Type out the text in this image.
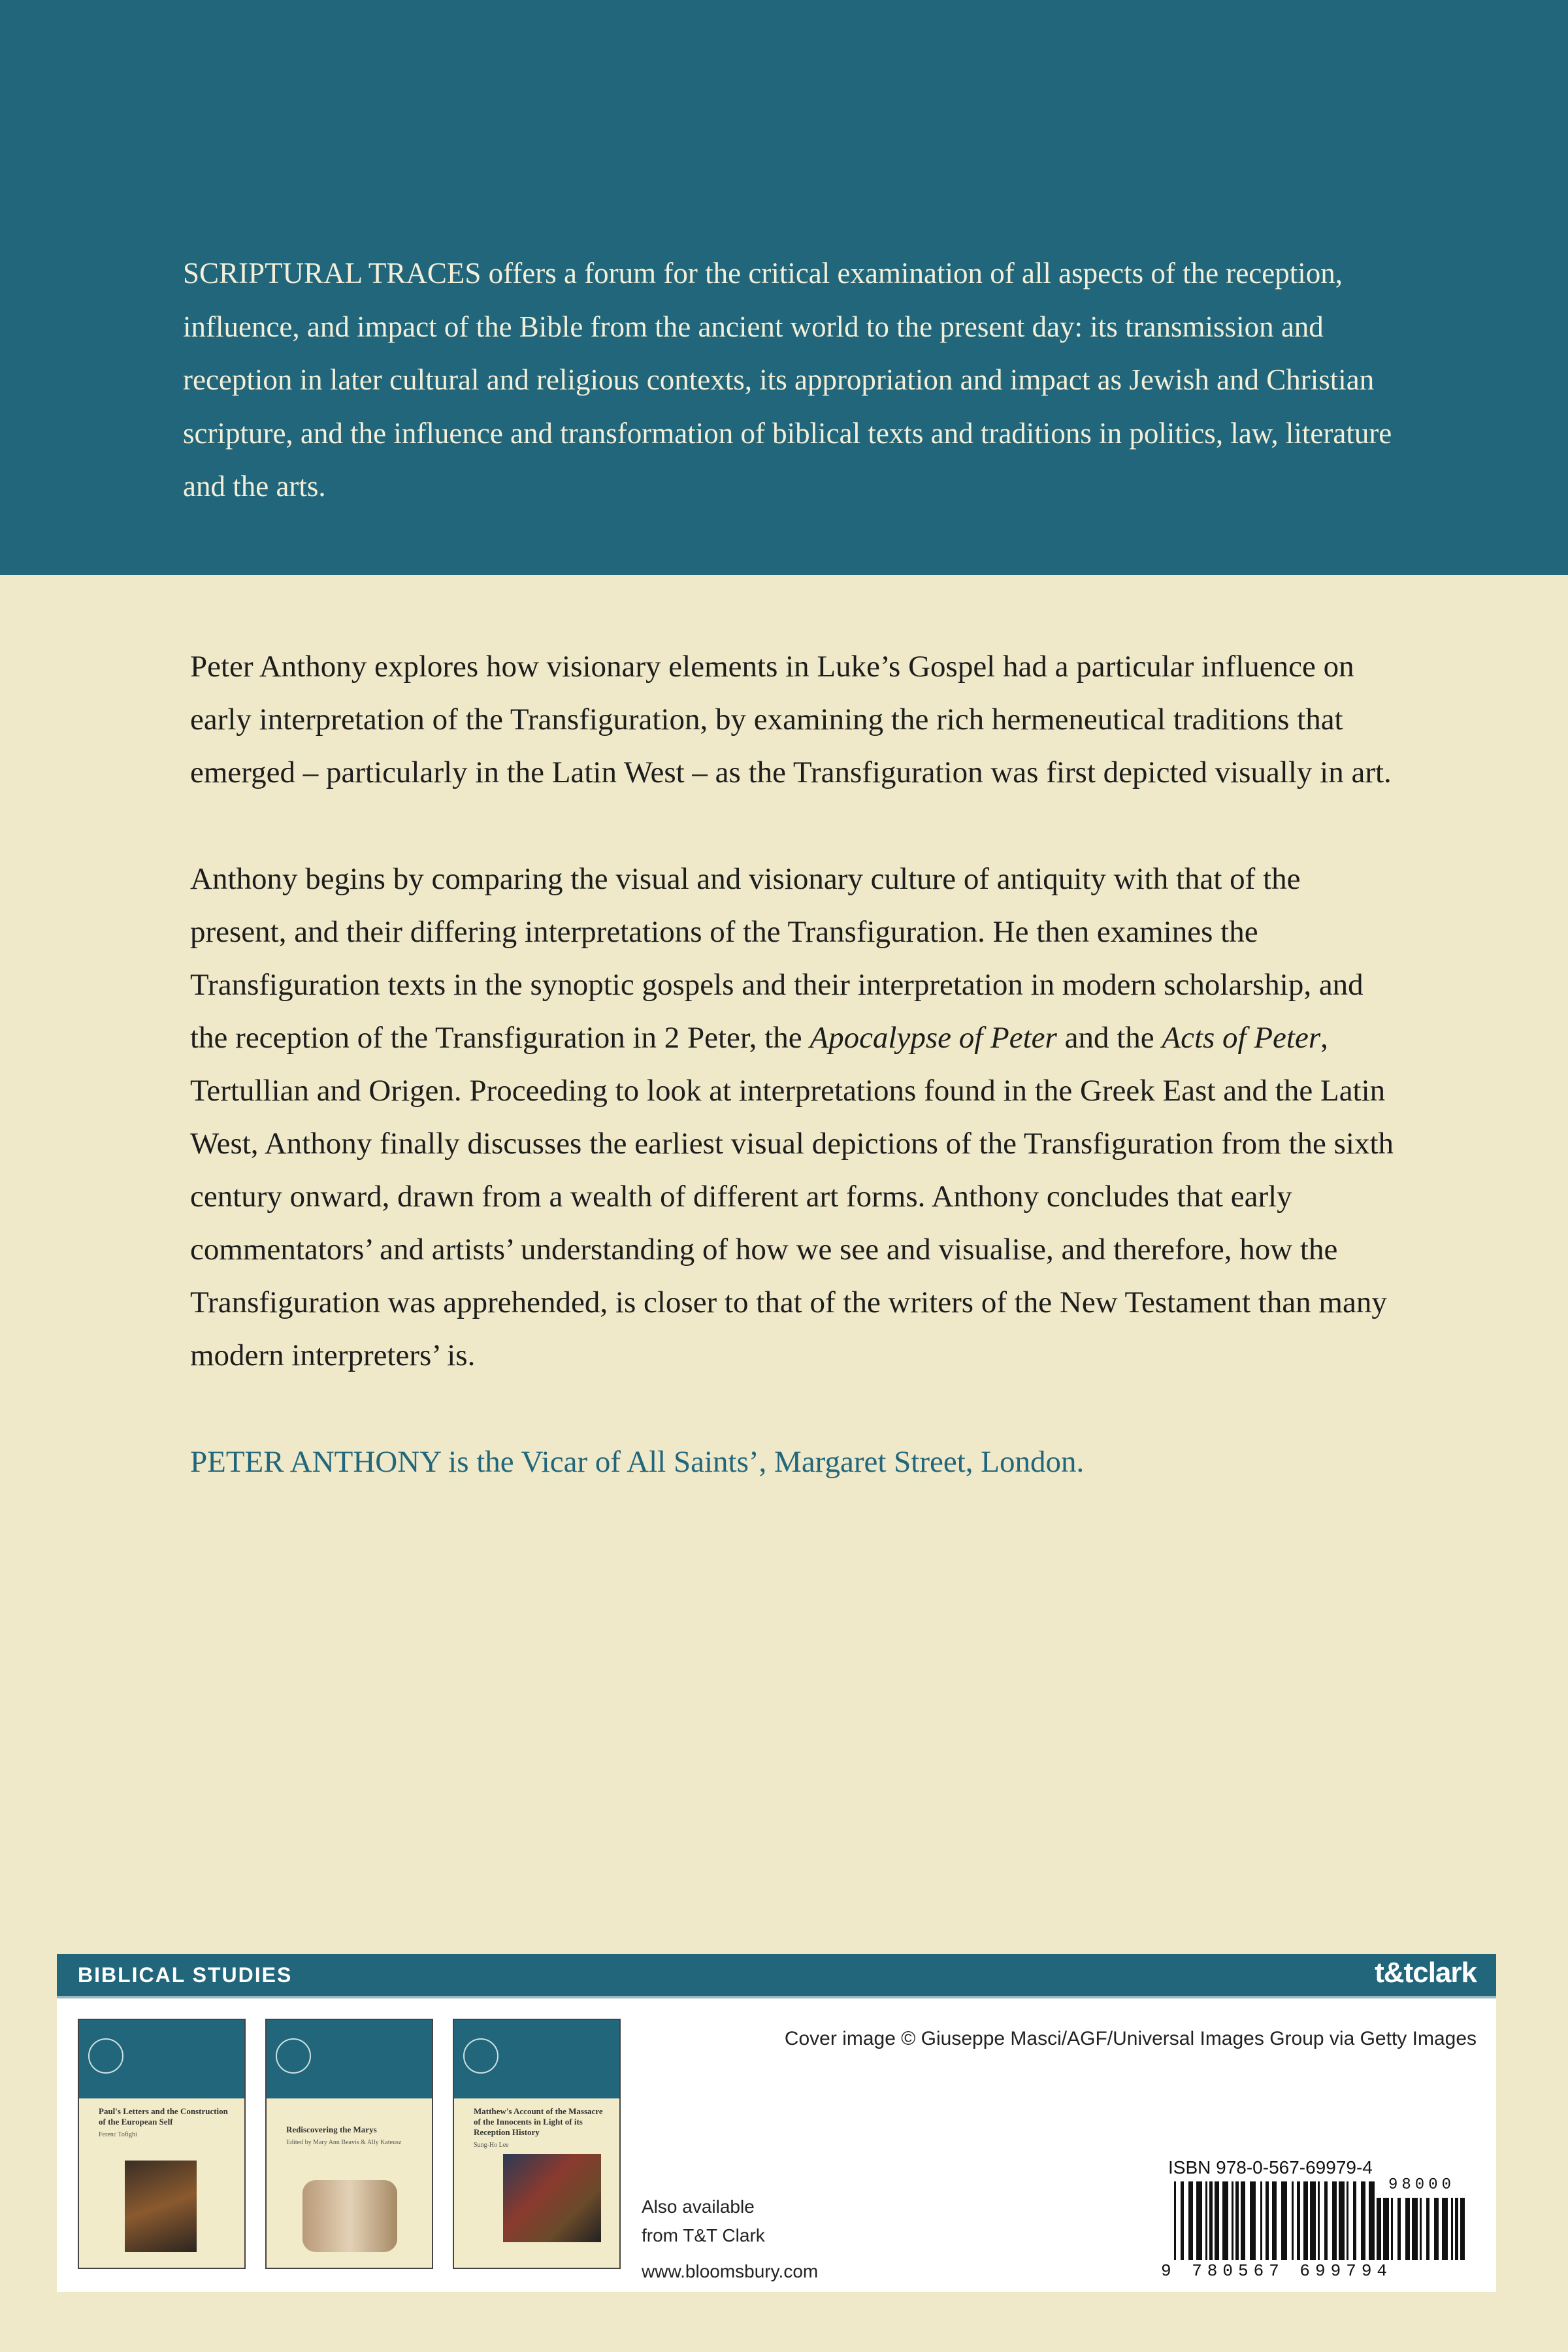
SCRIPTURAL TRACES offers a forum for the critical examination of all aspects of the reception, influence, and impact of the Bible from the ancient world to the present day: its transmission and reception in later cultural and religious contexts, its appropriation and impact as Jewish and Christian scripture, and the influence and transformation of biblical texts and traditions in politics, law, literature and the arts.

Peter Anthony explores how visionary elements in Luke’s Gospel had a particular influence on early interpretation of the Transfiguration, by examining the rich hermeneutical traditions that emerged – particularly in the Latin West – as the Transfiguration was first depicted visually in art.

Anthony begins by comparing the visual and visionary culture of antiquity with that of the present, and their differing interpretations of the Transfiguration. He then examines the Transfiguration texts in the synoptic gospels and their interpretation in modern scholarship, and the reception of the Transfiguration in 2 Peter, the Apocalypse of Peter and the Acts of Peter, Tertullian and Origen. Proceeding to look at interpretations found in the Greek East and the Latin West, Anthony finally discusses the earliest visual depictions of the Transfiguration from the sixth century onward, drawn from a wealth of different art forms. Anthony concludes that early commentators’ and artists’ understanding of how we see and visualise, and therefore, how the Transfiguration was apprehended, is closer to that of the writers of the New Testament than many modern interpreters’ is.

PETER ANTHONY is the Vicar of All Saints’, Margaret Street, London.

BIBLICAL STUDIES	t&tclark
Paul's Letters and the Construction of the European Self
Ferenc Tofighi
Rediscovering the Marys
Edited by Mary Ann Beavis & Ally Kateusz
Matthew's Account of the Massacre of the Innocents in Light of its Reception History
Sung-Ho Lee
Cover image © Giuseppe Masci/AGF/Universal Images Group via Getty Images
Also available
from T&T Clark
www.bloomsbury.com
ISBN 978-0-567-69979-4
98000
9 780567 699794
